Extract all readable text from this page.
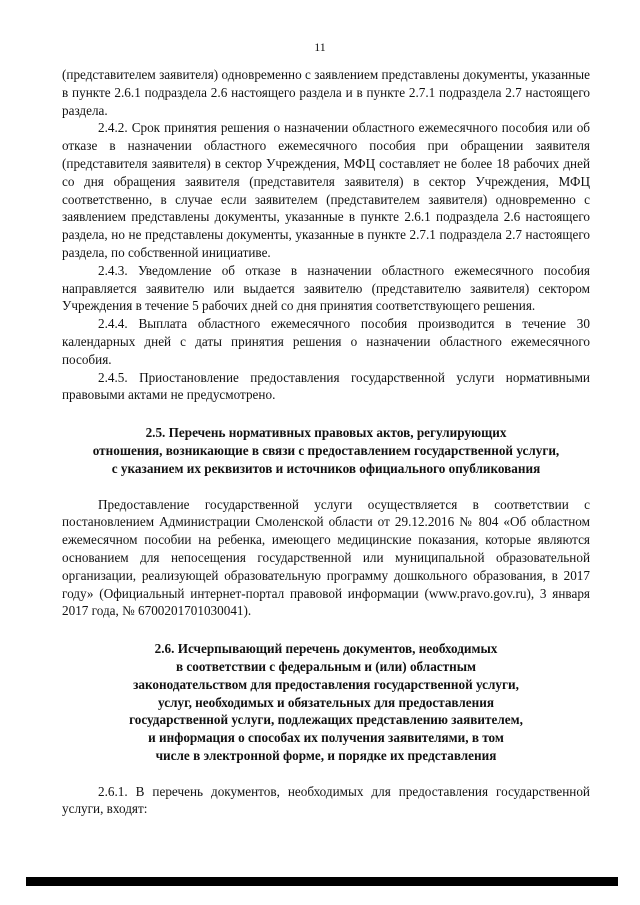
11

(представителем заявителя) одновременно с заявлением представлены документы, указанные в пункте 2.6.1 подраздела 2.6 настоящего раздела и в пункте 2.7.1 подраздела 2.7 настоящего раздела.

2.4.2. Срок принятия решения о назначении областного ежемесячного пособия или об отказе в назначении областного ежемесячного пособия при обращении заявителя (представителя заявителя) в сектор Учреждения, МФЦ составляет не более 18 рабочих дней со дня обращения заявителя (представителя заявителя) в сектор Учреждения, МФЦ соответственно, в случае если заявителем (представителем заявителя) одновременно с заявлением представлены документы, указанные в пункте 2.6.1 подраздела 2.6 настоящего раздела, но не представлены документы, указанные в пункте 2.7.1 подраздела 2.7 настоящего раздела, по собственной инициативе.

2.4.3. Уведомление об отказе в назначении областного ежемесячного пособия направляется заявителю или выдается заявителю (представителю заявителя) сектором Учреждения в течение 5 рабочих дней со дня принятия соответствующего решения.

2.4.4. Выплата областного ежемесячного пособия производится в течение 30 календарных дней с даты принятия решения о назначении областного ежемесячного пособия.

2.4.5. Приостановление предоставления государственной услуги нормативными правовыми актами не предусмотрено.

2.5. Перечень нормативных правовых актов, регулирующих
отношения, возникающие в связи с предоставлением государственной услуги,
с указанием их реквизитов и источников официального опубликования

Предоставление государственной услуги осуществляется в соответствии с постановлением Администрации Смоленской области от 29.12.2016 № 804 «Об областном ежемесячном пособии на ребенка, имеющего медицинские показания, которые являются основанием для непосещения государственной или муниципальной образовательной организации, реализующей образовательную программу дошкольного образования, в 2017 году» (Официальный интернет-портал правовой информации (www.pravo.gov.ru), 3 января 2017 года, № 6700201701030041).

2.6. Исчерпывающий перечень документов, необходимых
в соответствии с федеральным и (или) областным
законодательством для предоставления государственной услуги,
услуг, необходимых и обязательных для предоставления
государственной услуги, подлежащих представлению заявителем,
и информация о способах их получения заявителями, в том
числе в электронной форме, и порядке их представления

2.6.1. В перечень документов, необходимых для предоставления государственной услуги, входят:
